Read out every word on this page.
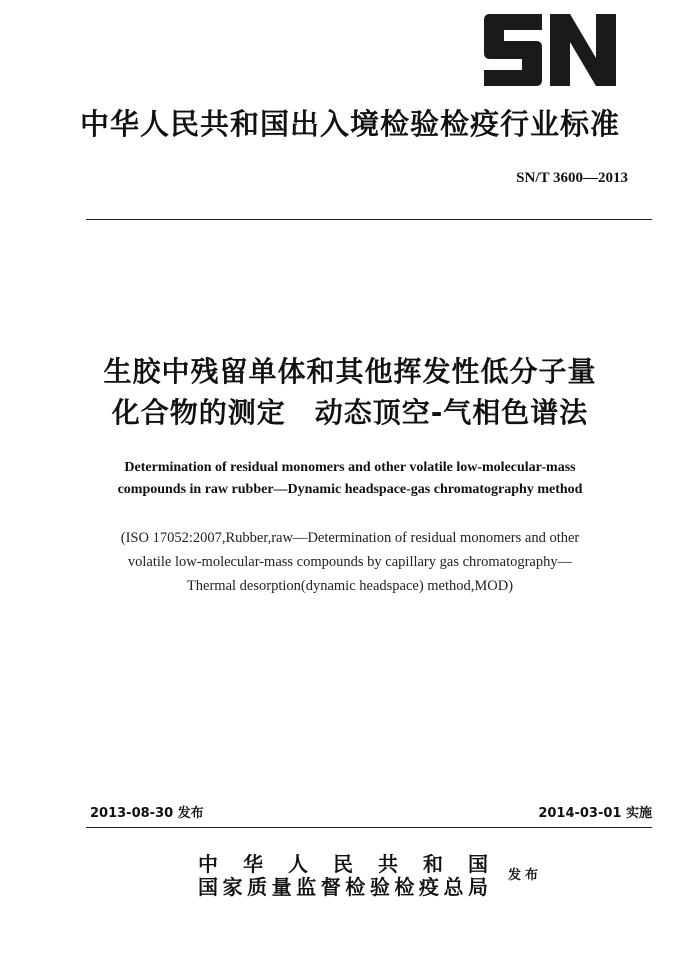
中华人民共和国出入境检验检疫行业标准
SN/T 3600—2013
生胶中残留单体和其他挥发性低分子量
化合物的测定　动态顶空-气相色谱法
Determination of residual monomers and other volatile low-molecular-mass
compounds in raw rubber—Dynamic headspace-gas chromatography method
(ISO 17052:2007,Rubber,raw—Determination of residual monomers and other
volatile low-molecular-mass compounds by capillary gas chromatography—
Thermal desorption(dynamic headspace) method,MOD)
2013-08-30 发布	2014-03-01 实施
中华人民共和国
国家质量监督检验检疫总局 发布
